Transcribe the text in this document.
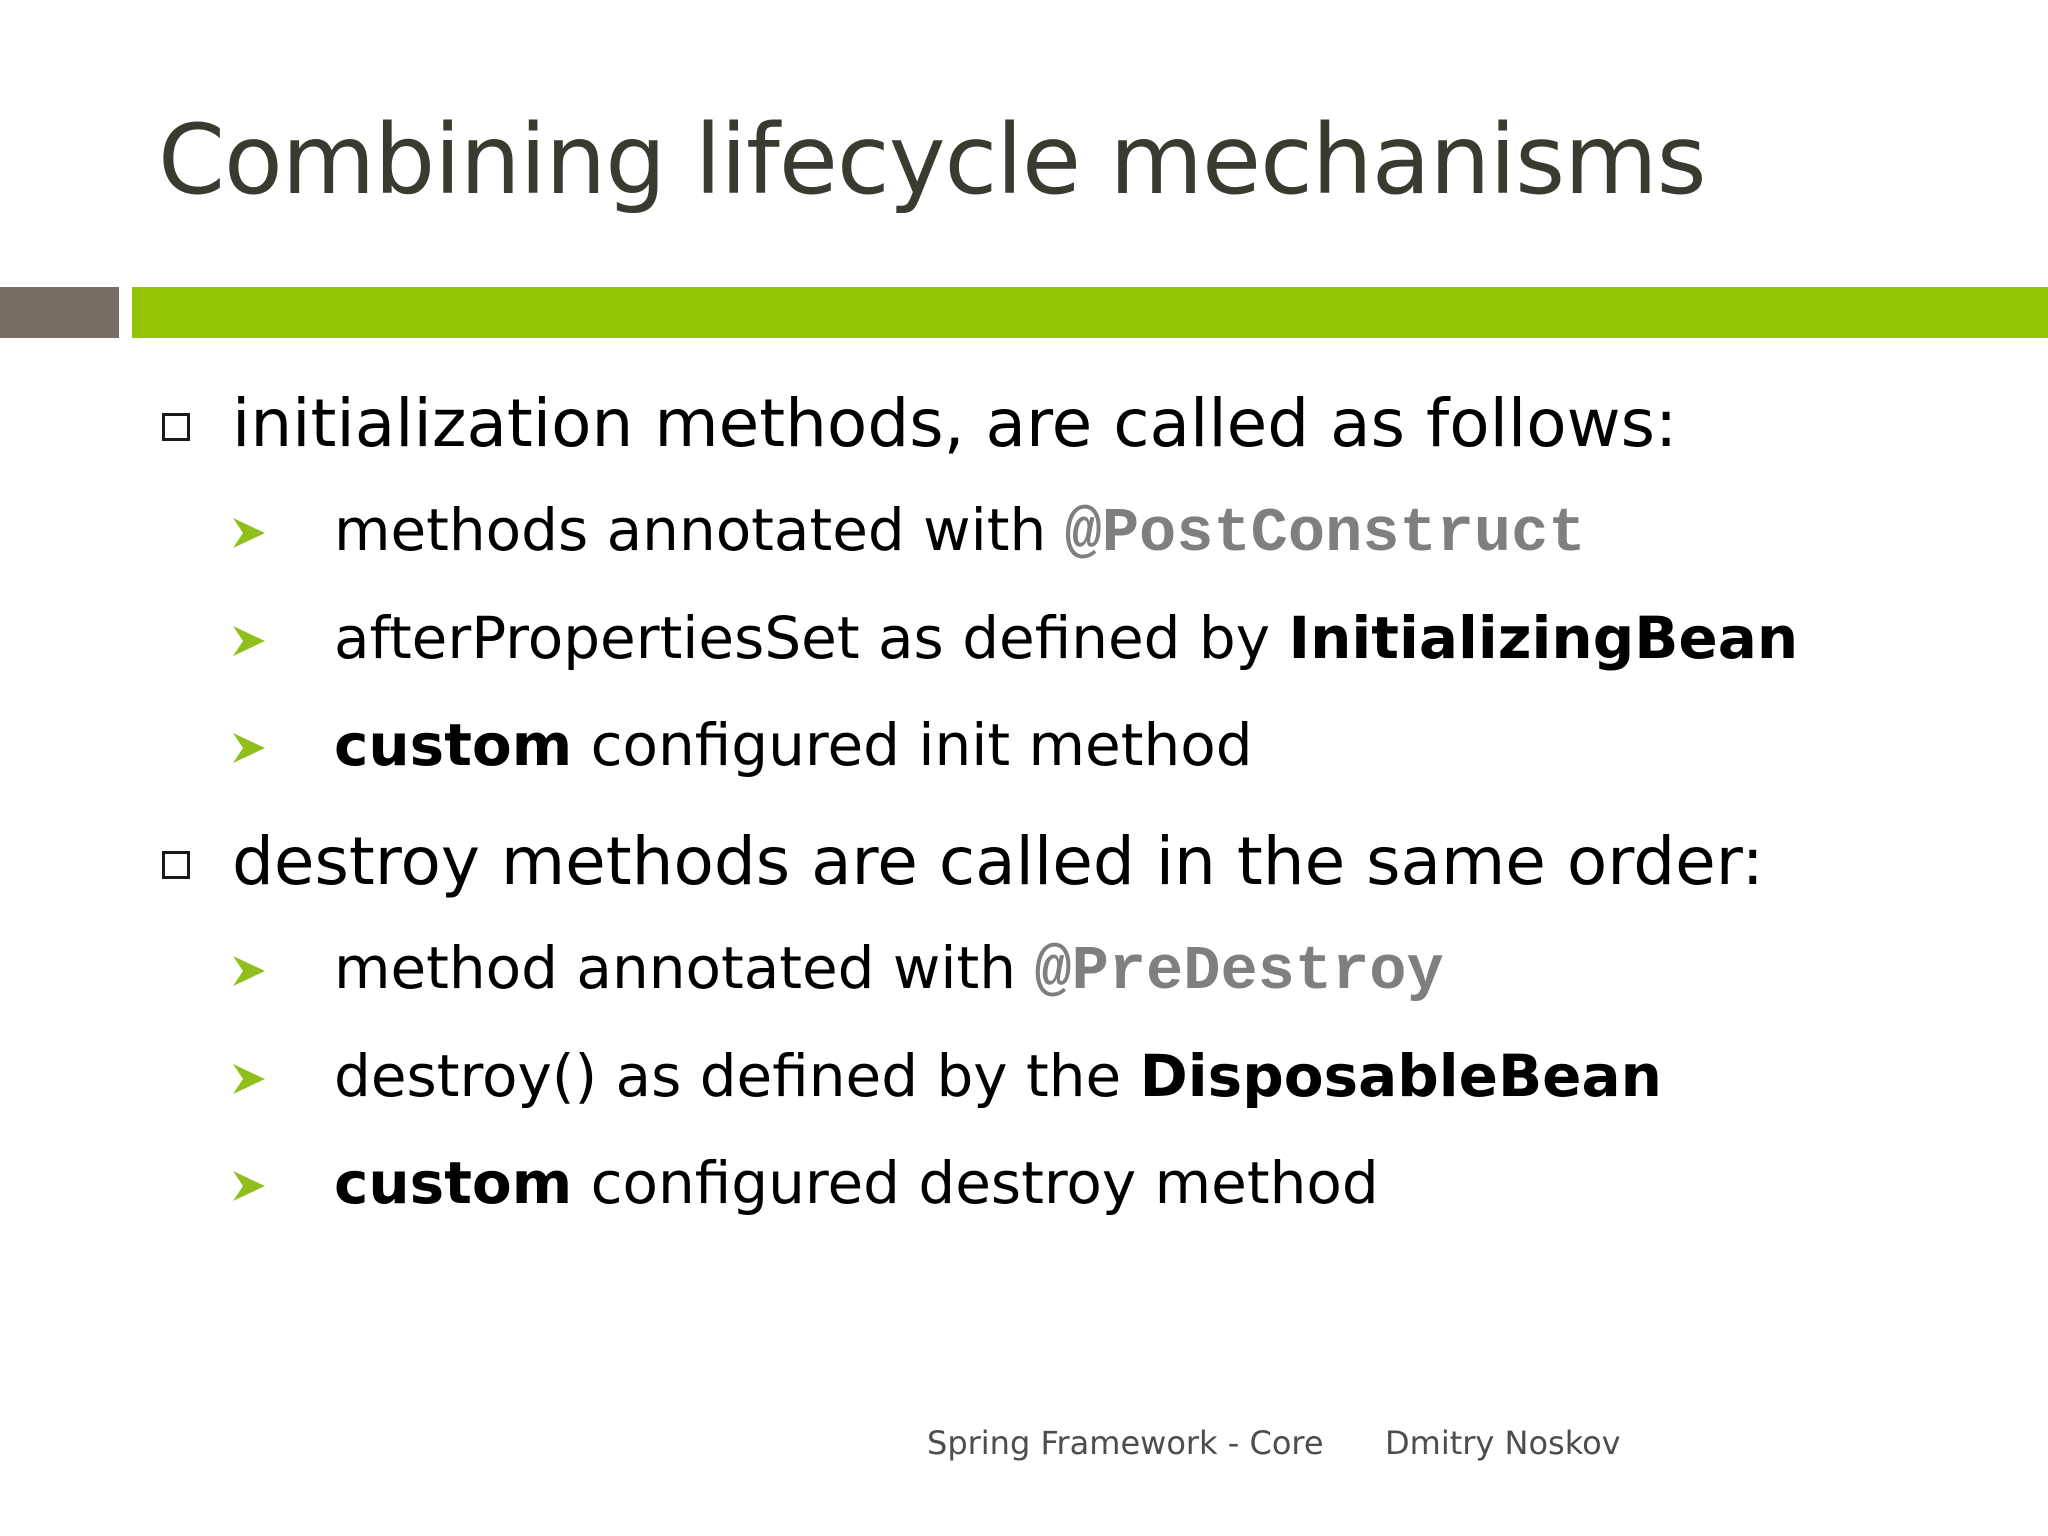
Combining lifecycle mechanisms
initialization methods, are called as follows:
methods annotated with @PostConstruct
afterPropertiesSet as defined by InitializingBean
custom configured init method
destroy methods are called in the same order:
method annotated with @PreDestroy
destroy() as defined by the DisposableBean
custom configured destroy method
Spring Framework - Core Dmitry Noskov
